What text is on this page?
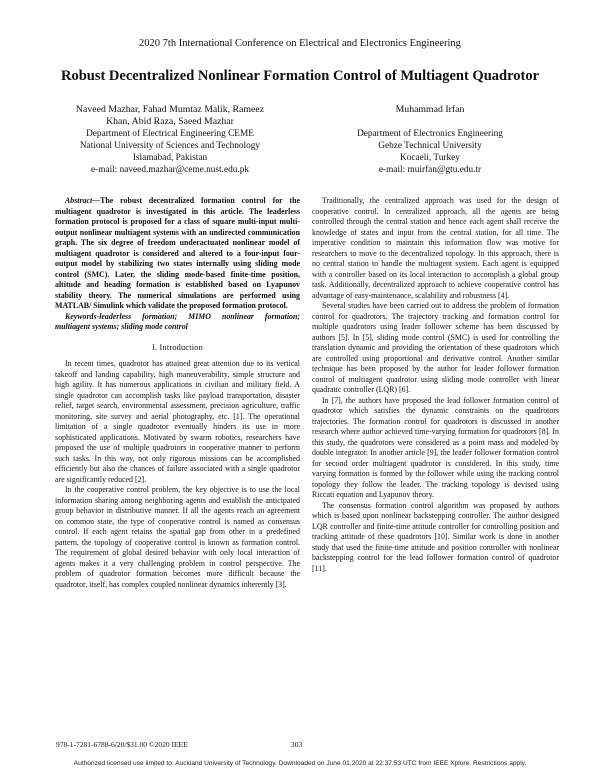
2020 7th International Conference on Electrical and Electronics Engineering
Robust Decentralized Nonlinear Formation Control of Multiagent Quadrotor
Naveed Mazhar, Fahad Mumtaz Malik, Rameez
Khan, Abid Raza, Saeed Mazhar
Department of Electrical Engineering CEME
National University of Sciences and Technology
Islamabad, Pakistan
e-mail: naveed.mazhar@ceme.nust.edu.pk
Muhammad Irfan
Department of Electronics Engineering
Gebze Technical University
Kocaeli, Turkey
e-mail: muirfan@gtu.edu.tr

Abstract—The robust decentralized formation control for the multiagent quadrotor is investigated in this article. The leaderless formation protocol is proposed for a class of square multi-input multi-output nonlinear multiagent systems with an undirected communication graph. The six degree of freedom underactuated nonlinear model of multiagent quadrotor is considered and altered to a four-input four-output model by stabilizing two states internally using sliding mode control (SMC). Later, the sliding mode-based finite-time position, altitude and heading formation is established based on Lyapunov stability theory. The numerical simulations are performed using MATLAB/ Simulink which validate the proposed formation protocol.

Keywords-leaderless formation; MIMO nonlinear formation; multiagent systems; sliding mode control

I. Introduction

In recent times, quadrotor has attained great attention due to its vertical takeoff and landing capability, high maneuverability, simple structure and high agility. It has numerous applications in civilian and military field. A single quadrotor can accomplish tasks like payload transportation, disaster relief, target search, environmental assessment, precision agriculture, traffic monitoring, site survey and aerial photography, etc. [1]. The operational limitation of a single quadrotor eventually hinders its use in more sophisticated applications. Motivated by swarm robotics, researchers have proposed the use of multiple quadrotors in cooperative manner to perform such tasks. In this way, not only rigorous missions can be accomplished efficiently but also the chances of failure associated with a single quadrotor are significantly reduced [2].

In the cooperative control problem, the key objective is to use the local information sharing among neighboring agents and establish the anticipated group behavior in distributive manner. If all the agents reach an agreement on common state, the type of cooperative control is named as consensus control. If each agent retains the spatial gap from other in a predefined pattern, the topology of cooperative control is known as formation control. The requirement of global desired behavior with only local interaction of agents makes it a very challenging problem in control perspective. The problem of quadrotor formation becomes more difficult because the quadrotor, itself, has complex coupled nonlinear dynamics inherently [3].

Traditionally, the centralized approach was used for the design of cooperative control. In centralized approach, all the agents are being controlled through the central station and hence each agent shall receive the knowledge of states and input from the central station, for all time. The imperative condition to maintain this information flow was motive for researchers to move to the decentralized topology. In this approach, there is no central station to handle the multiagent system. Each agent is equipped with a controller based on its local interaction to accomplish a global group task. Additionally, decentralized approach to achieve cooperative control has advantage of easy-maintenance, scalability and robustness [4].

Several studies have been carried out to address the problem of formation control for quadrotors. The trajectory tracking and formation control for multiple quadrotors using leader follower scheme has been discussed by authors [5]. In [5], sliding mode control (SMC) is used for controlling the translation dynamic and providing the orientation of these quadrotors which are controlled using proportional and derivative control. Another similar technique has been proposed by the author for leader follower formation control of multiagent quadrotor using sliding mode controller with linear quadratic controller (LQR) [6].

In [7], the authors have proposed the lead follower formation control of quadrotor which satisfies the dynamic constraints on the quadrotors trajectories. The formation control for quadrotors is discussed in another research where author achieved time-varying formation for quadrotors [8]. In this study, the quadrotors were considered as a point mass and modeled by double integrator. In another article [9], the leader follower formation control for second order multiagent quadrotor is considered. In this study, time varying formation is formed by the follower while using the tracking control topology they follow the leader. The tracking topology is devised using Riccati equation and Lyapunov theory.

The consensus formation control algorithm was proposed by authors which is based upon nonlinear backstepping controller. The author designed LQR controller and finite-time attitude controller for controlling position and tracking attitude of these quadrotors [10]. Similar work is done in another study that used the finite-time attitude and position controller with nonlinear backstepping control for the lead follower formation control of quadrotor [11].

978-1-7281-6788-6/20/$31.00 ©2020 IEEE	303
Authorized licensed use limited to: Auckland University of Technology. Downloaded on June 01,2020 at 22:37:53 UTC from IEEE Xplore. Restrictions apply.
